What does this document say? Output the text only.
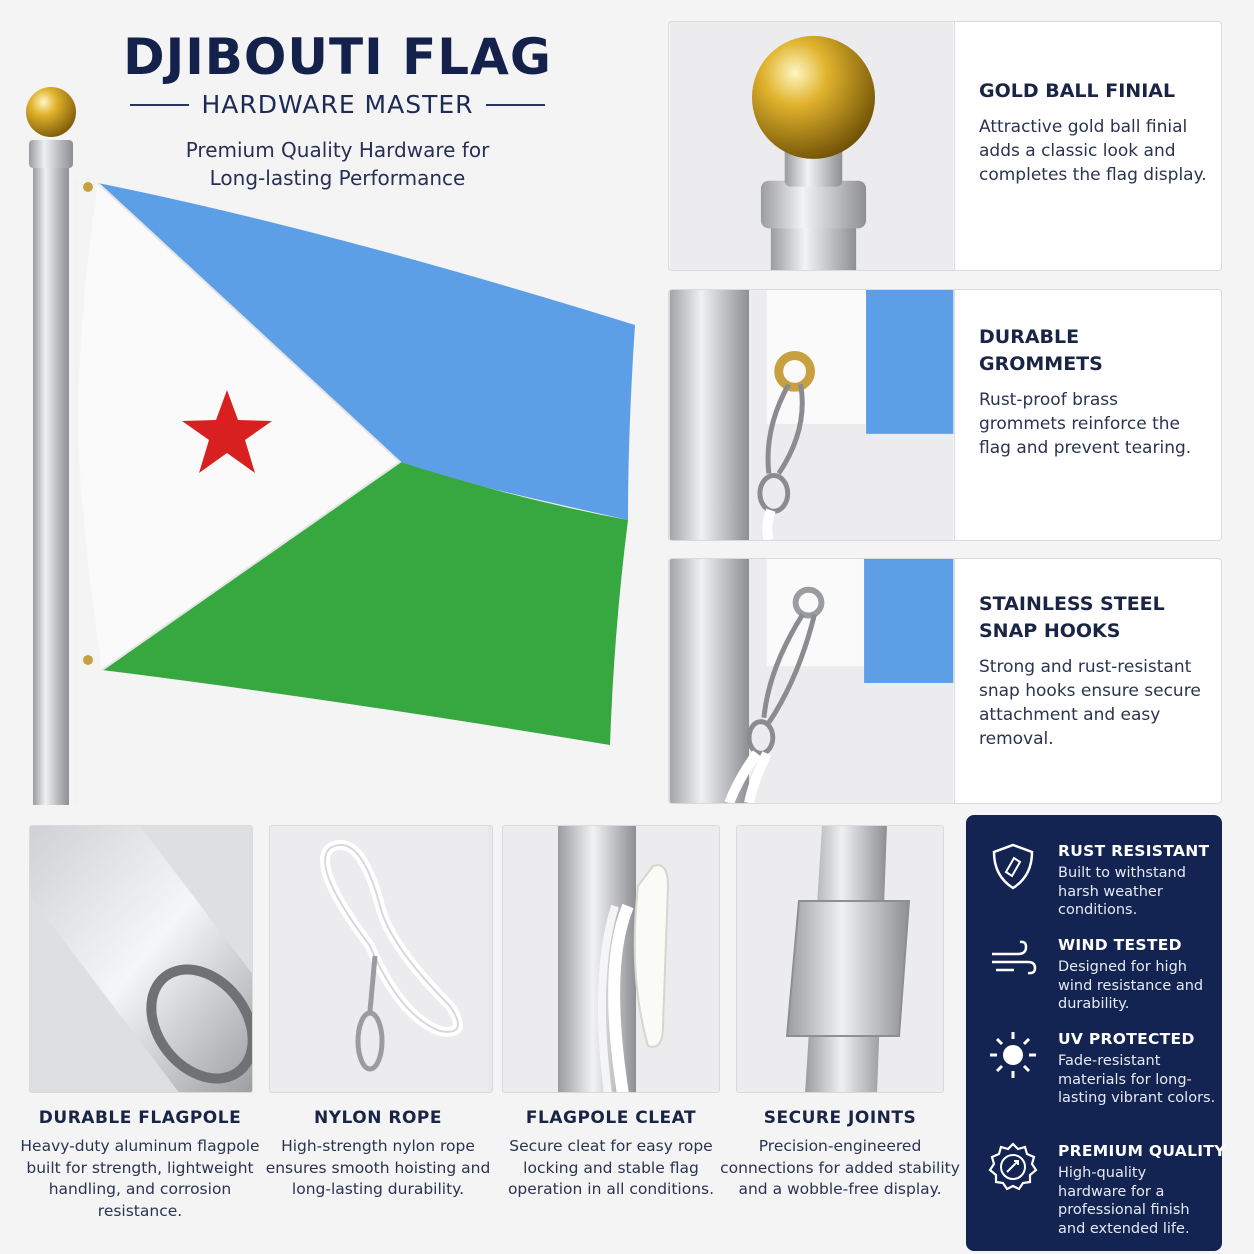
DJIBOUTI FLAG
HARDWARE MASTER
Premium Quality Hardware for
Long-lasting Performance
GOLD BALL FINIAL

Attractive gold ball finial adds a classic look and completes the flag display.

DURABLE
GROMMETS

Rust-proof brass grommets reinforce the flag and prevent tearing.

STAINLESS STEEL
SNAP HOOKS

Strong and rust-resistant snap hooks ensure secure attachment and easy removal.

DURABLE FLAGPOLE

Heavy-duty aluminum flagpole built for strength, lightweight handling, and corrosion resistance.

NYLON ROPE

High-strength nylon rope ensures smooth hoisting and long-lasting durability.

FLAGPOLE CLEAT

Secure cleat for easy rope locking and stable flag operation in all conditions.

SECURE JOINTS

Precision-engineered connections for added stability and a wobble-free display.

RUST RESISTANT

Built to withstand harsh weather conditions.

WIND TESTED

Designed for high wind resistance and durability.

UV PROTECTED

Fade-resistant materials for long-lasting vibrant colors.

PREMIUM QUALITY

High-quality hardware for a professional finish and extended life.
